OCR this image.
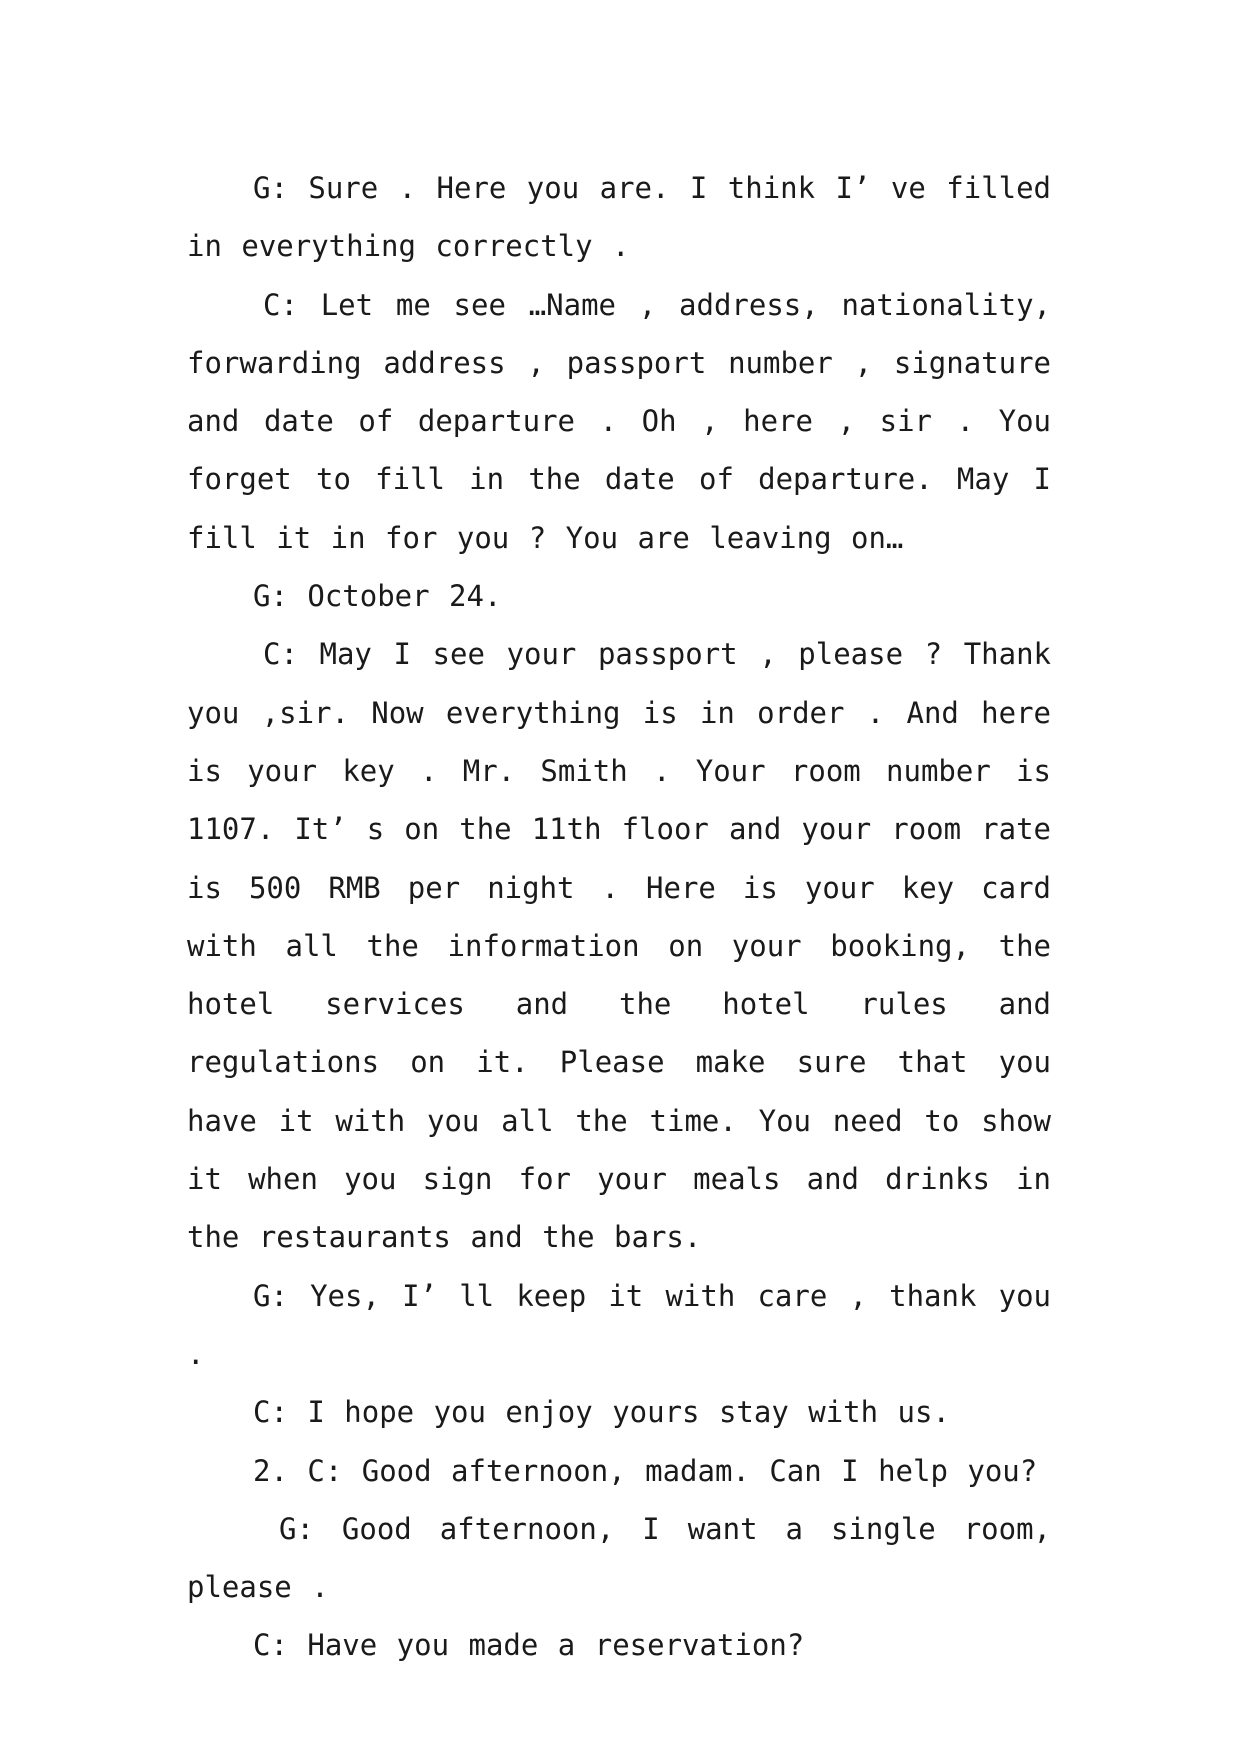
G: Sure . Here you are. I think I’ ve filled in everything correctly .

C: Let me see …Name , address, nationality, forwarding address , passport number , signature and date of departure . Oh , here , sir . You forget to fill in the date of departure. May I fill it in for you ? You are leaving on…

G: October 24.

C: May I see your passport , please ? Thank you ,sir. Now everything is in order . And here is your key . Mr. Smith . Your room number is 1107. It’ s on the 11th floor and your room rate is 500 RMB per night . Here is your key card with all the information on your booking, the hotel services and the hotel rules and regulations on it. Please make sure that you have it with you all the time. You need to show it when you sign for your meals and drinks in the restaurants and the bars.

G: Yes, I’ ll keep it with care , thank you .

C: I hope you enjoy yours stay with us.

2. C: Good afternoon, madam. Can I help you?

G: Good afternoon, I want a single room, please .

C: Have you made a reservation?
